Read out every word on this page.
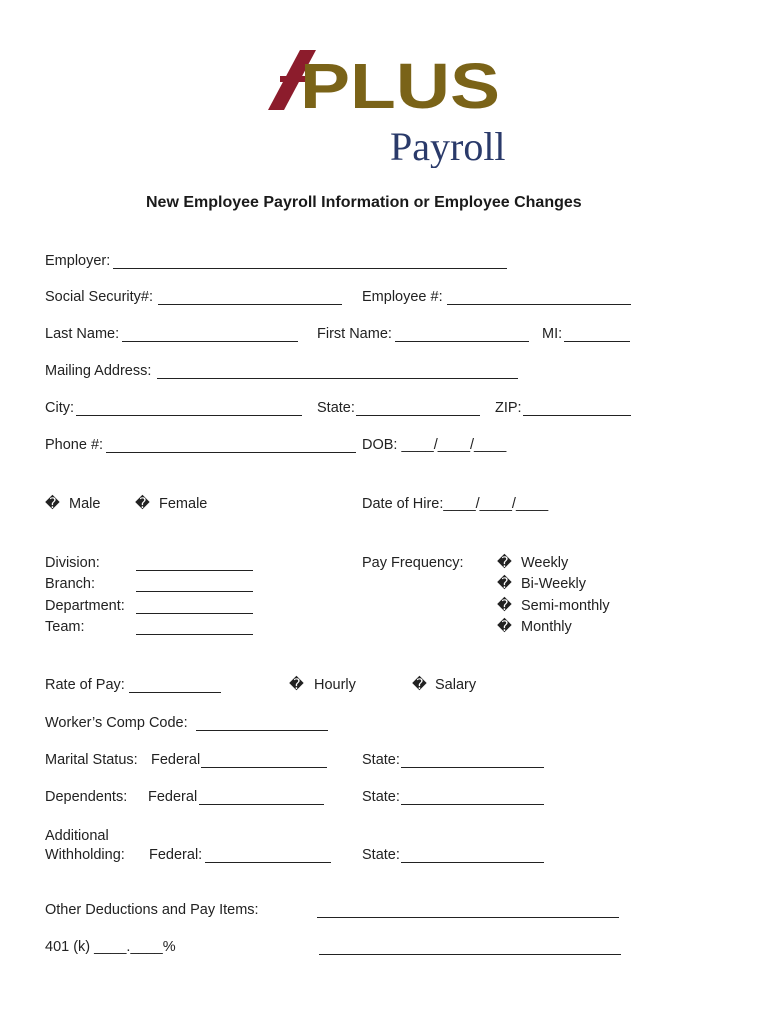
PLUS
Payroll
New Employee Payroll Information or Employee Changes
Employer:
Social Security#:	Employee #:
Last Name:	First Name:	MI:
Mailing Address:
City:	State:	ZIP:
Phone #:	DOB: ____/____/____
� Male � Female	Date of Hire:____/____/____
Division:
Branch:
Department:
Team:
Pay Frequency: � Weekly
� Bi-Weekly
� Semi-monthly
� Monthly
Rate of Pay:	� Hourly	� Salary
Worker’s Comp Code:
Marital Status: Federal	State:
Dependents: Federal	State:
Additional
Withholding: Federal:	State:
Other Deductions and Pay Items:
401 (k) ____.____%
